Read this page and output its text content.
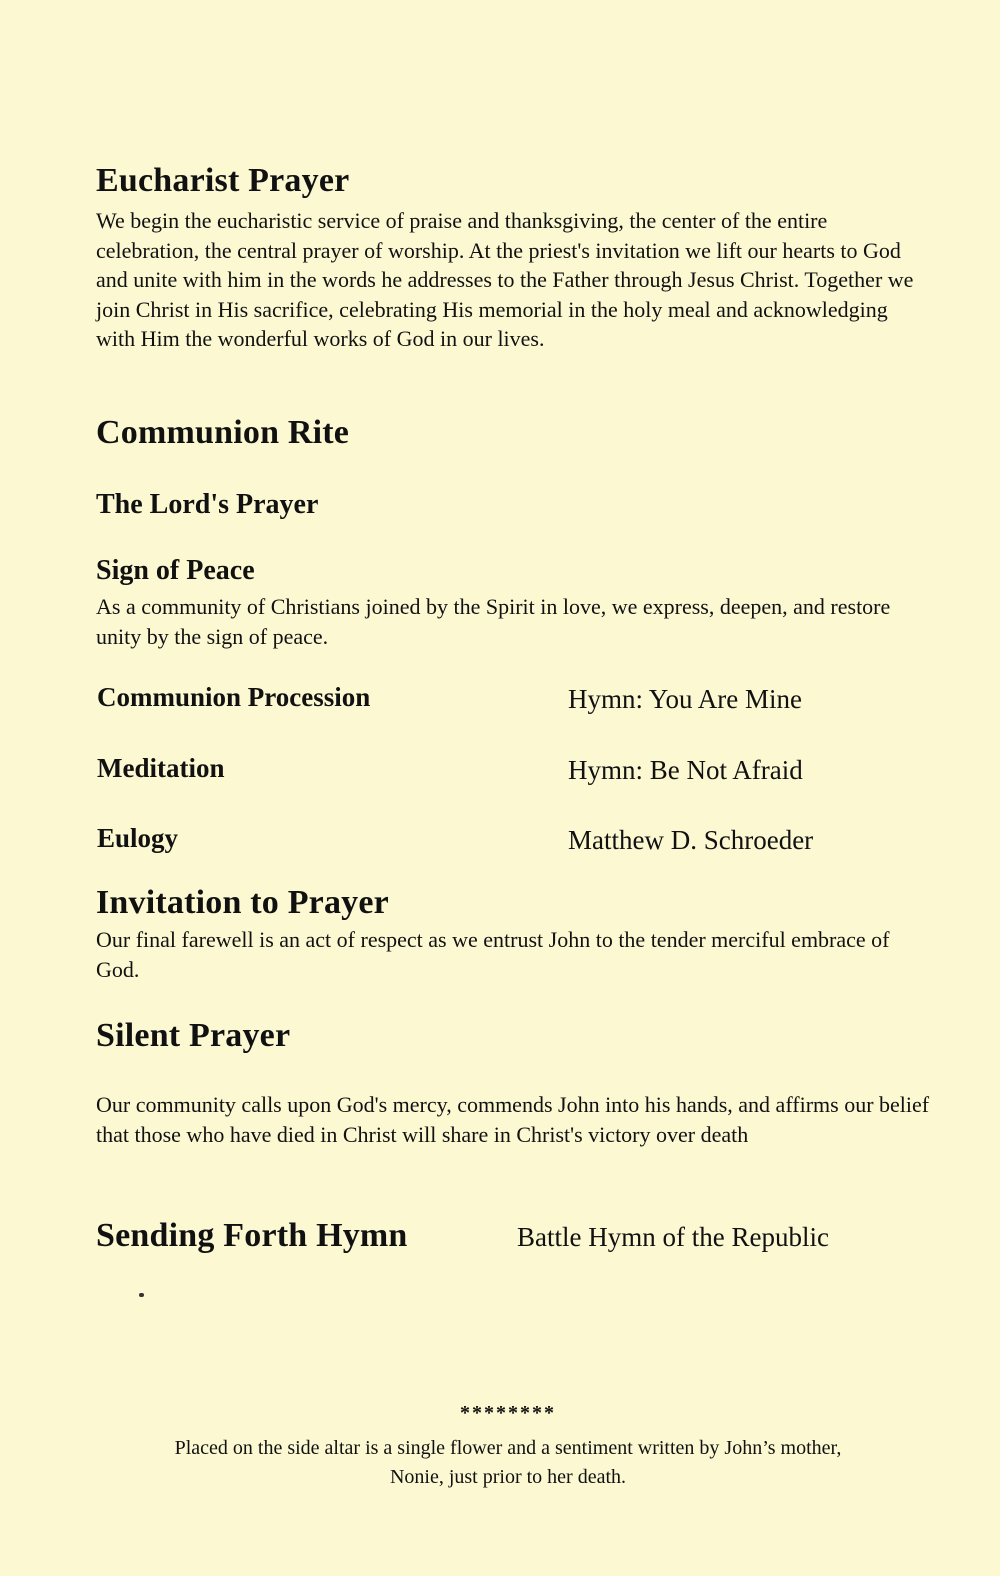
Eucharist Prayer
We begin the eucharistic service of praise and thanksgiving, the center of the entire celebration, the central prayer of worship. At the priest's invitation we lift our hearts to God and unite with him in the words he addresses to the Father through Jesus Christ. Together we join Christ in His sacrifice, celebrating His memorial in the holy meal and acknowledging with Him the wonderful works of God in our lives.
Communion Rite
The Lord's Prayer
Sign of Peace
As a community of Christians joined by the Spirit in love, we express, deepen, and restore unity by the sign of peace.
Communion Procession	Hymn: You Are Mine
Meditation	Hymn: Be Not Afraid
Eulogy	Matthew D. Schroeder
Invitation to Prayer
Our final farewell is an act of respect as we entrust John to the tender merciful embrace of God.
Silent Prayer
Our community calls upon God's mercy, commends John into his hands, and affirms our belief that those who have died in Christ will share in Christ's victory over death
Sending Forth Hymn	Battle Hymn of the Republic
********
Placed on the side altar is a single flower and a sentiment written by John’s mother,
Nonie, just prior to her death.
